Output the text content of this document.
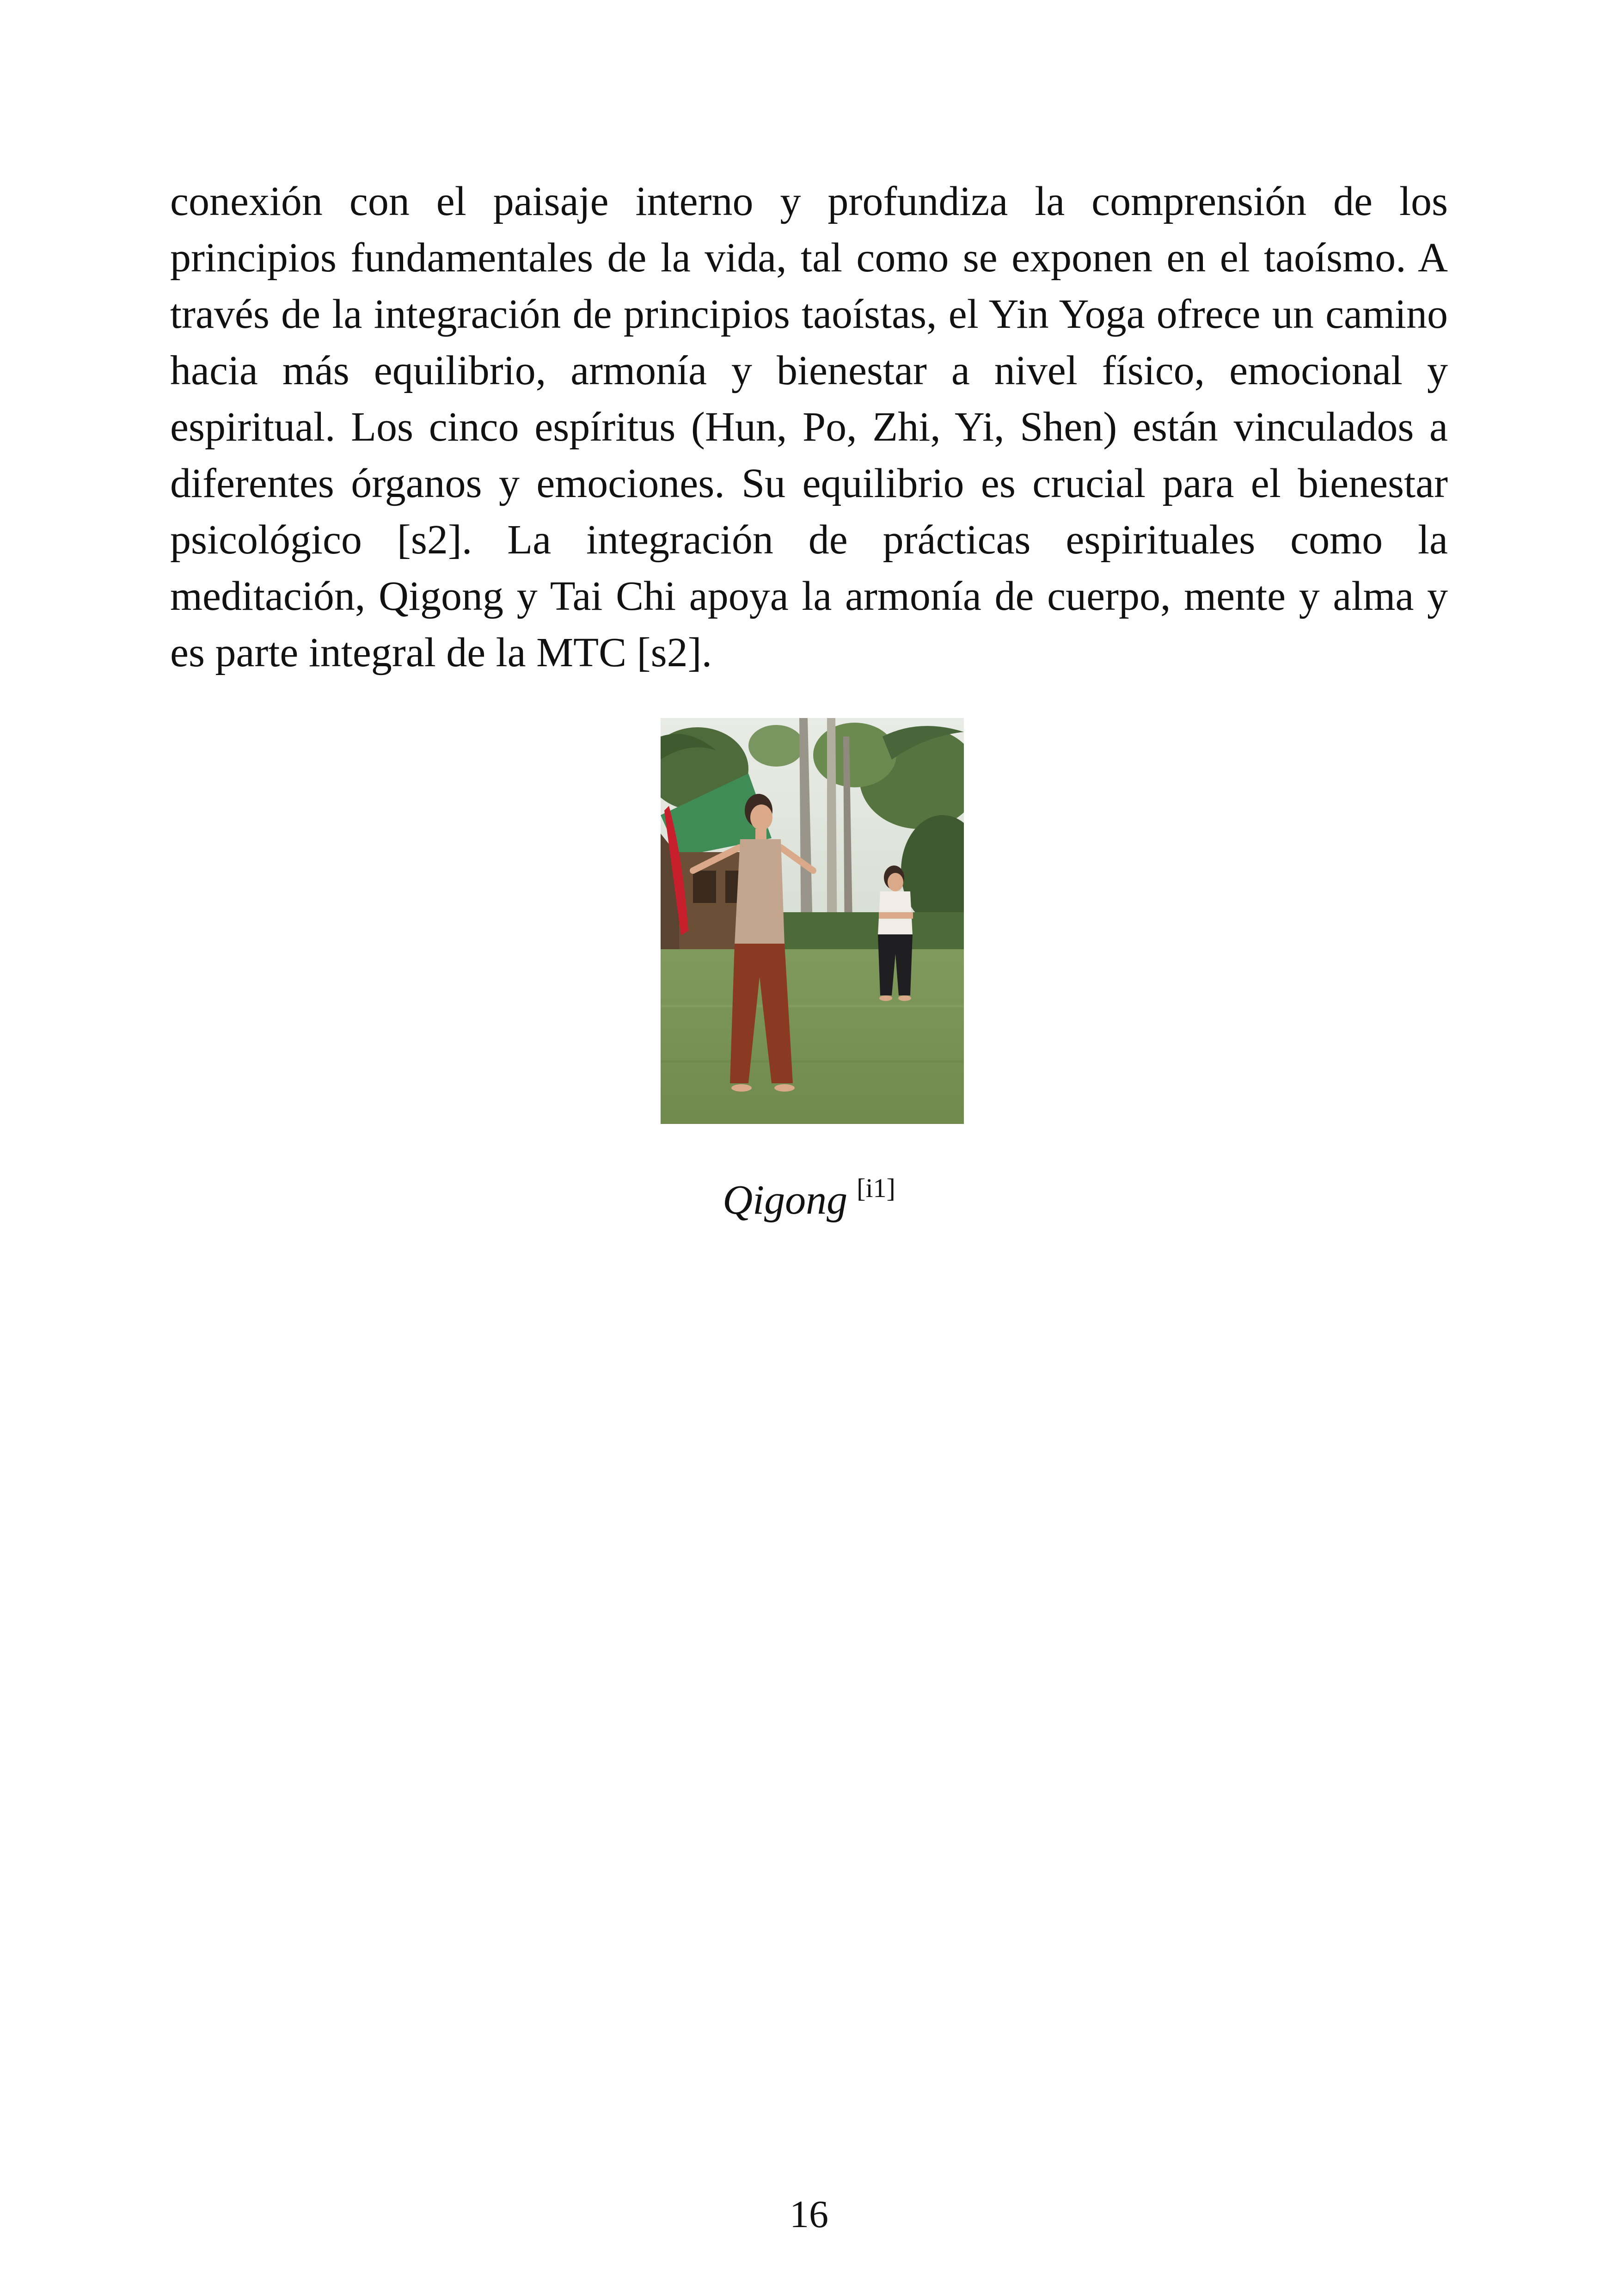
conexión con el paisaje interno y profundiza la comprensión de los principios fundamentales de la vida, tal como se exponen en el taoísmo. A través de la integración de principios taoístas, el Yin Yoga ofrece un camino hacia más equilibrio, armonía y bienestar a nivel físico, emocional y espiritual. Los cinco espíritus (Hun, Po, Zhi, Yi, Shen) están vinculados a diferentes órganos y emociones. Su equilibrio es crucial para el bienestar psicológico [s2]. La integración de prácticas espirituales como la meditación, Qigong y Tai Chi apoya la armonía de cuerpo, mente y alma y es parte integral de la MTC [s2].

Qigong [i1]
16
